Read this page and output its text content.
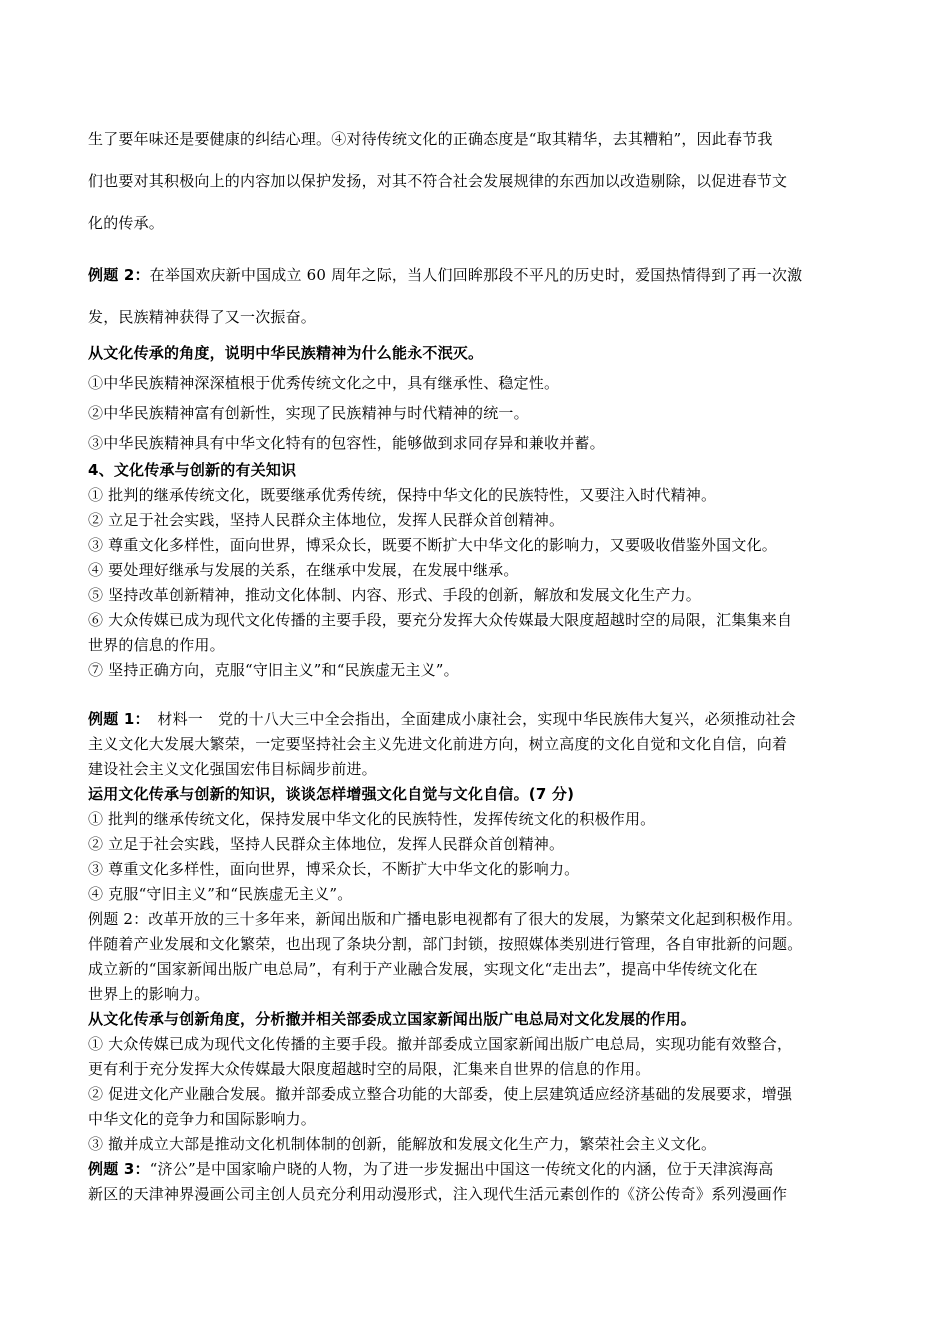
生了要年味还是要健康的纠结心理。④对待传统文化的正确态度是“取其精华，去其糟粕”，因此春节我

们也要对其积极向上的内容加以保护发扬，对其不符合社会发展规律的东西加以改造剔除，以促进春节文

化的传承。

例题 2：在举国欢庆新中国成立 60 周年之际，当人们回眸那段不平凡的历史时，爱国热情得到了再一次激

发，民族精神获得了又一次振奋。

从文化传承的角度，说明中华民族精神为什么能永不泯灭。

①中华民族精神深深植根于优秀传统文化之中，具有继承性、稳定性。

②中华民族精神富有创新性，实现了民族精神与时代精神的统一。

③中华民族精神具有中华文化特有的包容性，能够做到求同存异和兼收并蓄。

4、文化传承与创新的有关知识

① 批判的继承传统文化，既要继承优秀传统，保持中华文化的民族特性，又要注入时代精神。

② 立足于社会实践，坚持人民群众主体地位，发挥人民群众首创精神。

③ 尊重文化多样性，面向世界，博采众长，既要不断扩大中华文化的影响力，又要吸收借鉴外国文化。

④ 要处理好继承与发展的关系，在继承中发展，在发展中继承。

⑤ 坚持改革创新精神，推动文化体制、内容、形式、手段的创新，解放和发展文化生产力。

⑥ 大众传媒已成为现代文化传播的主要手段，要充分发挥大众传媒最大限度超越时空的局限，汇集集来自

世界的信息的作用。

⑦ 坚持正确方向，克服“守旧主义”和“民族虚无主义”。

例题 1：　材料一　党的十八大三中全会指出，全面建成小康社会，实现中华民族伟大复兴，必须推动社会

主义文化大发展大繁荣，一定要坚持社会主义先进文化前进方向，树立高度的文化自觉和文化自信，向着

建设社会主义文化强国宏伟目标阔步前进。

运用文化传承与创新的知识，谈谈怎样增强文化自觉与文化自信。(7 分)

① 批判的继承传统文化，保持发展中华文化的民族特性，发挥传统文化的积极作用。

② 立足于社会实践，坚持人民群众主体地位，发挥人民群众首创精神。

③ 尊重文化多样性，面向世界，博采众长，不断扩大中华文化的影响力。

④ 克服“守旧主义”和“民族虚无主义”。

例题 2：改革开放的三十多年来，新闻出版和广播电影电视都有了很大的发展，为繁荣文化起到积极作用。

伴随着产业发展和文化繁荣，也出现了条块分割，部门封锁，按照媒体类别进行管理，各自审批新的问题。

成立新的“国家新闻出版广电总局”，有利于产业融合发展，实现文化“走出去”，提高中华传统文化在

世界上的影响力。

从文化传承与创新角度，分析撤并相关部委成立国家新闻出版广电总局对文化发展的作用。

① 大众传媒已成为现代文化传播的主要手段。撤并部委成立国家新闻出版广电总局，实现功能有效整合，

更有利于充分发挥大众传媒最大限度超越时空的局限，汇集来自世界的信息的作用。

② 促进文化产业融合发展。撤并部委成立整合功能的大部委，使上层建筑适应经济基础的发展要求，增强

中华文化的竞争力和国际影响力。

③ 撤并成立大部是推动文化机制体制的创新，能解放和发展文化生产力，繁荣社会主义文化。

例题 3：“济公”是中国家喻户晓的人物，为了进一步发掘出中国这一传统文化的内涵，位于天津滨海高

新区的天津神界漫画公司主创人员充分利用动漫形式，注入现代生活元素创作的《济公传奇》系列漫画作
